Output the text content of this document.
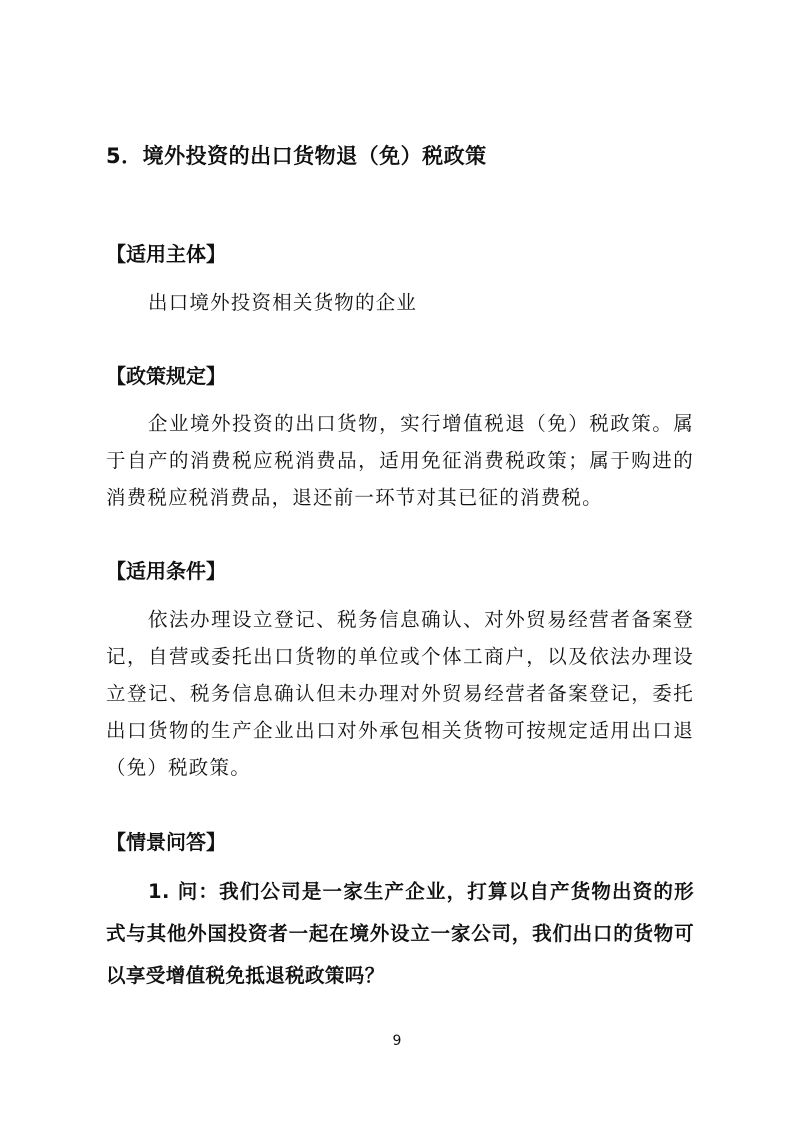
5．境外投资的出口货物退（免）税政策
【适用主体】

出口境外投资相关货物的企业

【政策规定】

企业境外投资的出口货物，实行增值税退（免）税政策。属于自产的消费税应税消费品，适用免征消费税政策；属于购进的消费税应税消费品，退还前一环节对其已征的消费税。

【适用条件】

依法办理设立登记、税务信息确认、对外贸易经营者备案登记，自营或委托出口货物的单位或个体工商户，以及依法办理设立登记、税务信息确认但未办理对外贸易经营者备案登记，委托出口货物的生产企业出口对外承包相关货物可按规定适用出口退（免）税政策。

【情景问答】

1. 问：我们公司是一家生产企业，打算以自产货物出资的形式与其他外国投资者一起在境外设立一家公司，我们出口的货物可以享受增值税免抵退税政策吗？

9
